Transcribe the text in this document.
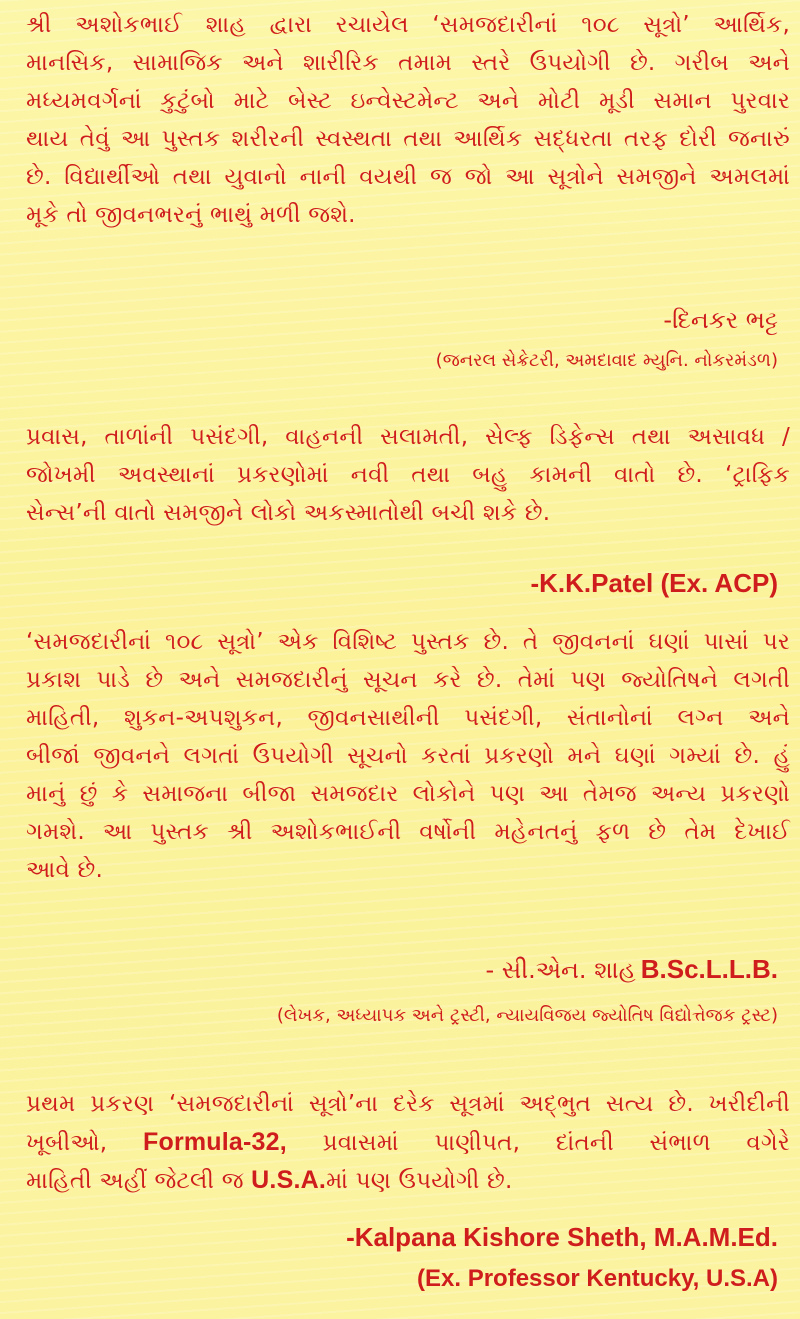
શ્રી અશોકભાઈ શાહ દ્વારા રચાયેલ ‘સમજદારીનાં ૧૦૮ સૂત્રો’ આર્થિક,
માનસિક, સામાજિક અને શારીરિક તમામ સ્તરે ઉપયોગી છે. ગરીબ અને
મધ્યમવર્ગનાં કુટુંબો માટે બેસ્ટ ઇન્વેસ્ટમેન્ટ અને મોટી મૂડી સમાન પુરવાર
થાય તેવું આ પુસ્તક શરીરની સ્વસ્થતા તથા આર્થિક સદ્ધરતા તરફ દોરી જનારું
છે. વિદ્યાર્થીઓ તથા યુવાનો નાની વયથી જ જો આ સૂત્રોને સમજીને અમલમાં
મૂકે તો જીવનભરનું ભાથું મળી જશે.
-દિનકર ભટ્ટ
(જનરલ સેક્રેટરી, અમદાવાદ મ્યુનિ. નોકરમંડળ)
પ્રવાસ, તાળાંની પસંદગી, વાહનની સલામતી, સેલ્ફ ડિફેન્સ તથા અસાવધ /
જોખમી અવસ્થાનાં પ્રકરણોમાં નવી તથા બહુ કામની વાતો છે. ‘ટ્રાફિક
સેન્સ’ની વાતો સમજીને લોકો અકસ્માતોથી બચી શકે છે.
-K.K.Patel (Ex. ACP)
‘સમજદારીનાં ૧૦૮ સૂત્રો’ એક વિશિષ્ટ પુસ્તક છે. તે જીવનનાં ઘણાં પાસાં પર
પ્રકાશ પાડે છે અને સમજદારીનું સૂચન કરે છે. તેમાં પણ જ્યોતિષને લગતી
માહિતી, શુકન-અપશુકન, જીવનસાથીની પસંદગી, સંતાનોનાં લગ્ન અને
બીજાં જીવનને લગતાં ઉપયોગી સૂચનો કરતાં પ્રકરણો મને ઘણાં ગમ્યાં છે. હું
માનું છું કે સમાજના બીજા સમજદાર લોકોને પણ આ તેમજ અન્ય પ્રકરણો
ગમશે. આ પુસ્તક શ્રી અશોકભાઈની વર્ષોની મહેનતનું ફળ છે તેમ દેખાઈ
આવે છે.
- સી.એન. શાહ B.Sc.L.L.B.
(લેખક, અધ્યાપક અને ટ્રસ્ટી, ન્યાયવિજય જ્યોતિષ વિદ્યોત્તેજક ટ્રસ્ટ)
પ્રથમ પ્રકરણ ‘સમજદારીનાં સૂત્રો’ના દરેક સૂત્રમાં અદ્‌ભુત સત્ય છે. ખરીદીની
ખૂબીઓ, Formula-32, પ્રવાસમાં પાણીપત, દાંતની સંભાળ વગેરે
માહિતી અહીં જેટલી જ U.S.A.માં પણ ઉપયોગી છે.
-Kalpana Kishore Sheth, M.A.M.Ed.
(Ex. Professor Kentucky, U.S.A)
